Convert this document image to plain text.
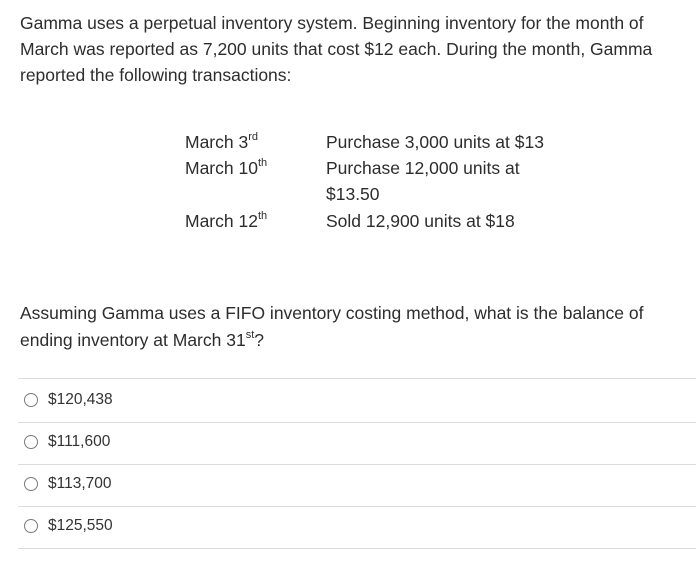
Gamma uses a perpetual inventory system. Beginning inventory for the month of March was reported as 7,200 units that cost $12 each. During the month, Gamma reported the following transactions:

March 3rd	Purchase 3,000 units at $13
March 10th	Purchase 12,000 units at
$13.50
March 12th	Sold 12,900 units at $18

Assuming Gamma uses a FIFO inventory costing method, what is the balance of ending inventory at March 31st?

$120,438
$111,600
$113,700
$125,550
